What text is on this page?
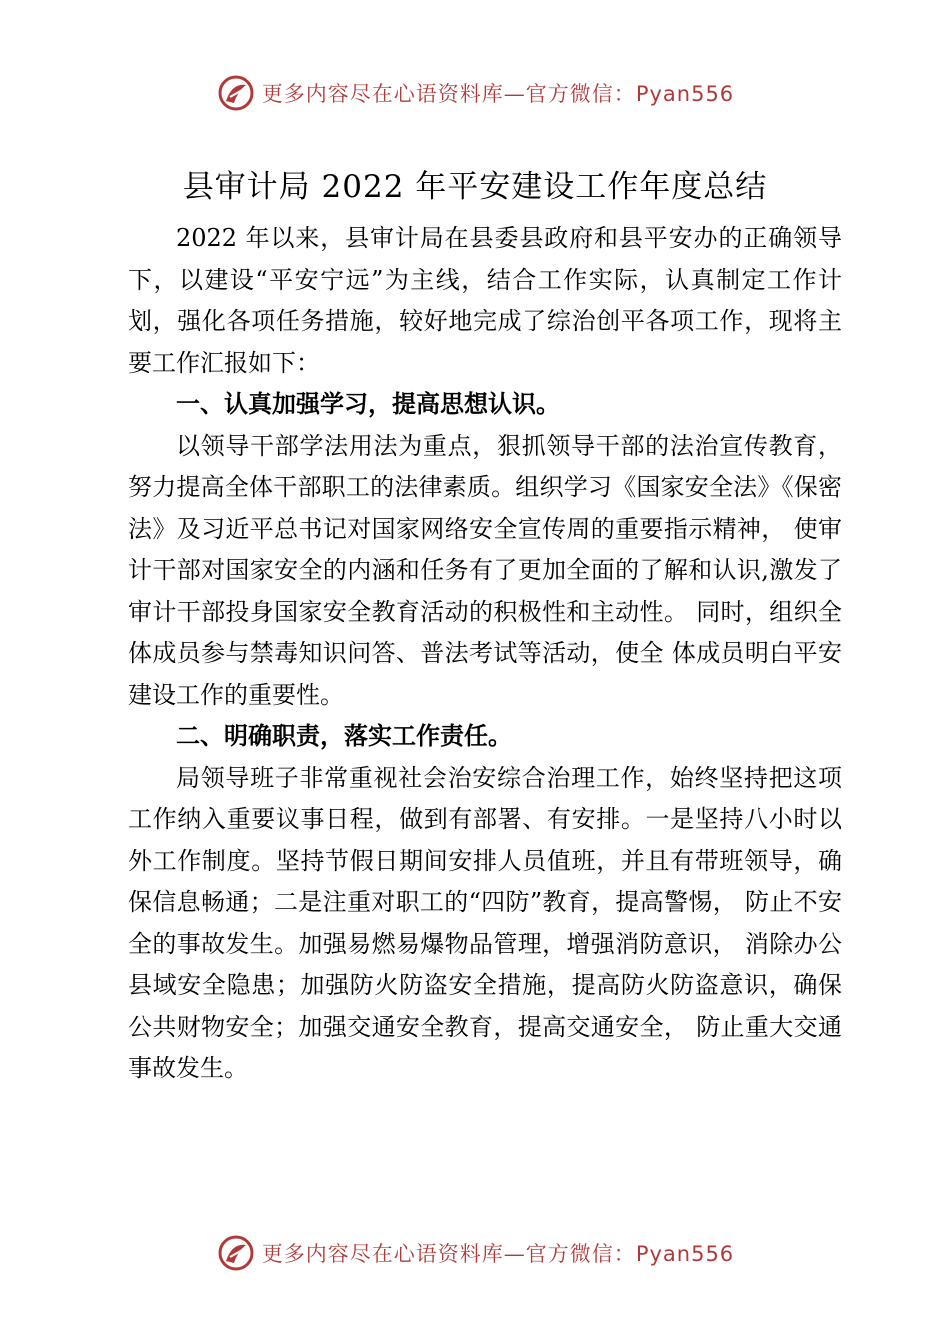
更多内容尽在心语资料库—官方微信：Pyan556
县审计局 2022 年平安建设工作年度总结

2022 年以来，县审计局在县委县政府和县平安办的正确领导下，以建设“平安宁远”为主线，结合工作实际，认真制定工作计划，强化各项任务措施，较好地完成了综治创平各项工作，现将主要工作汇报如下：

一、认真加强学习，提高思想认识。

以领导干部学法用法为重点，狠抓领导干部的法治宣传教育，努力提高全体干部职工的法律素质。组织学习《国家安全法》《保密法》及习近平总书记对国家网络安全宣传周的重要指示精神， 使审计干部对国家安全的内涵和任务有了更加全面的了解和认识,激发了审计干部投身国家安全教育活动的积极性和主动性。 同时，组织全体成员参与禁毒知识问答、普法考试等活动，使全 体成员明白平安建设工作的重要性。

二、明确职责，落实工作责任。

局领导班子非常重视社会治安综合治理工作，始终坚持把这项工作纳入重要议事日程，做到有部署、有安排。一是坚持八小时以外工作制度。坚持节假日期间安排人员值班，并且有带班领导，确保信息畅通；二是注重对职工的“四防”教育，提高警惕， 防止不安全的事故发生。加强易燃易爆物品管理，增强消防意识， 消除办公县域安全隐患；加强防火防盗安全措施，提高防火防盗意识，确保公共财物安全；加强交通安全教育，提高交通安全， 防止重大交通事故发生。

更多内容尽在心语资料库—官方微信：Pyan556
